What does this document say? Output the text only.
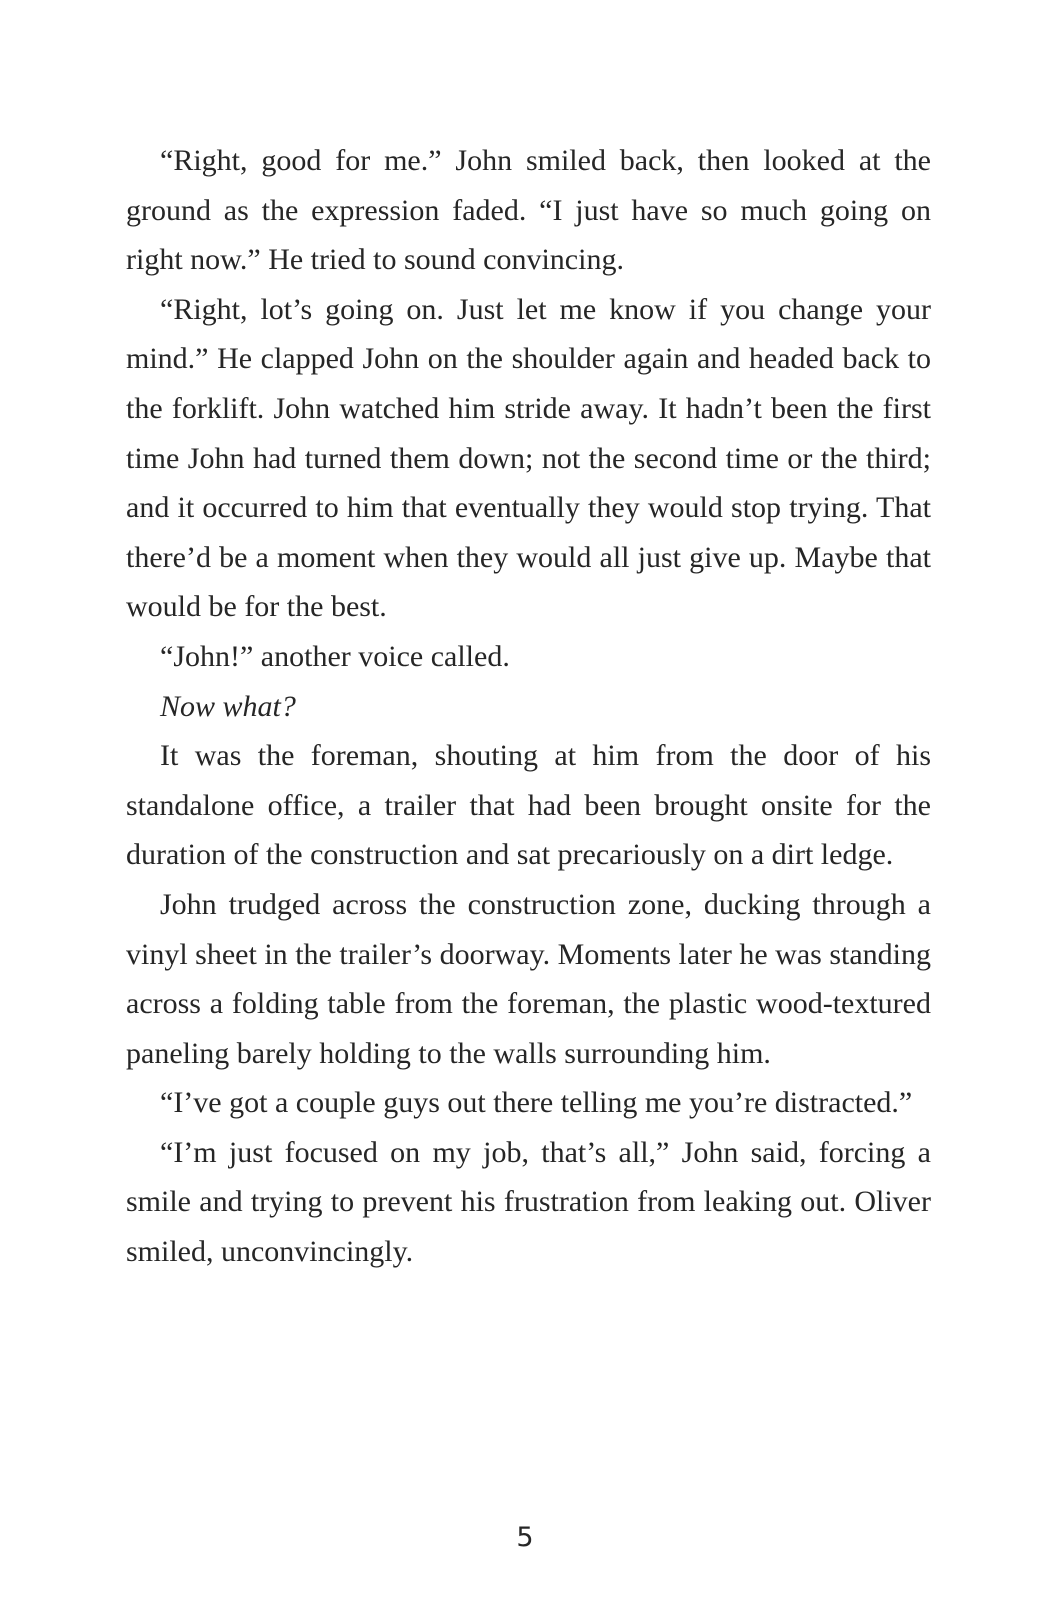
“Right, good for me.” John smiled back, then looked at the ground as the expression faded. “I just have so much going on right now.” He tried to sound convincing.

“Right, lot’s going on. Just let me know if you change your mind.” He clapped John on the shoulder again and headed back to the forklift. John watched him stride away. It hadn’t been the first time John had turned them down; not the second time or the third; and it occurred to him that eventually they would stop trying. That there’d be a moment when they would all just give up. Maybe that would be for the best.

“John!” another voice called.

Now what?

It was the foreman, shouting at him from the door of his standalone office, a trailer that had been brought onsite for the duration of the construction and sat precariously on a dirt ledge.

John trudged across the construction zone, ducking through a vinyl sheet in the trailer’s doorway. Moments later he was standing across a folding table from the foreman, the plastic wood-textured paneling barely holding to the walls surrounding him.

“I’ve got a couple guys out there telling me you’re distracted.”

“I’m just focused on my job, that’s all,” John said, forcing a smile and trying to prevent his frustration from leaking out. Oliver smiled, unconvincingly.

5
